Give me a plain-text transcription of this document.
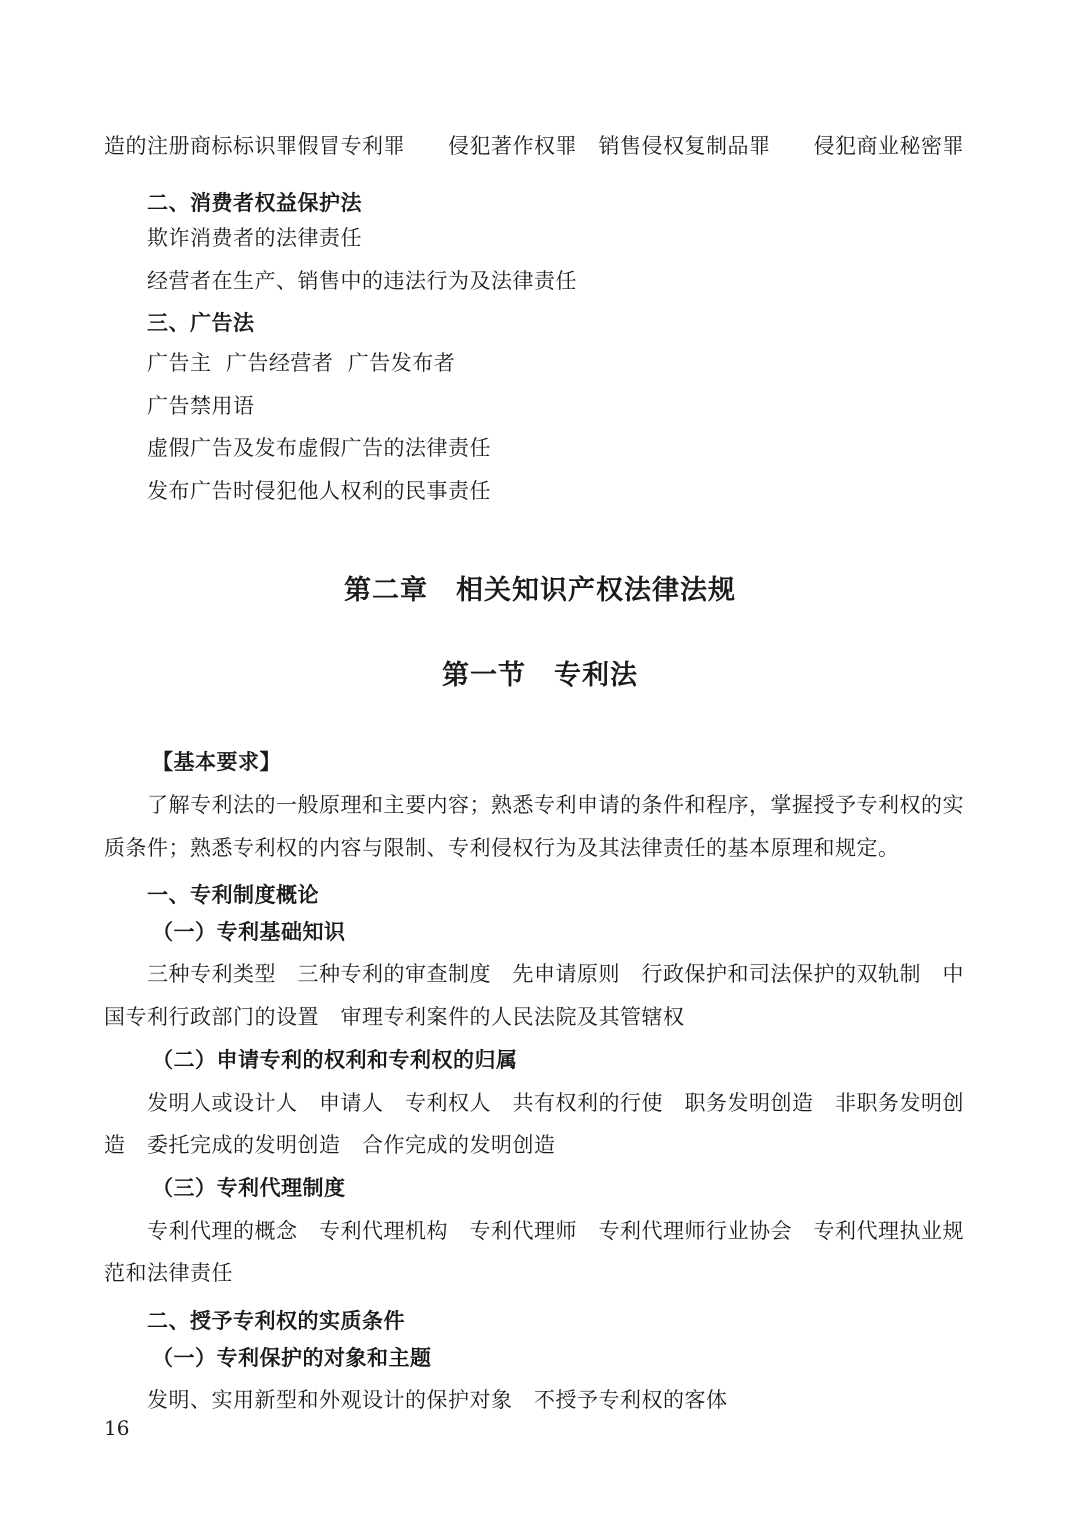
造的注册商标标识罪假冒专利罪　　侵犯著作权罪　销售侵权复制品罪　　侵犯商业秘密罪

二、消费者权益保护法

欺诈消费者的法律责任

经营者在生产、销售中的违法行为及法律责任

三、广告法

广告主  广告经营者  广告发布者

广告禁用语

虚假广告及发布虚假广告的法律责任

发布广告时侵犯他人权利的民事责任

【基本要求】

了解专利法的一般原理和主要内容；熟悉专利申请的条件和程序，掌握授予专利权的实

质条件；熟悉专利权的内容与限制、专利侵权行为及其法律责任的基本原理和规定。

一、专利制度概论

（一）专利基础知识

三种专利类型　三种专利的审查制度　先申请原则　行政保护和司法保护的双轨制　中

国专利行政部门的设置　审理专利案件的人民法院及其管辖权

（二）申请专利的权利和专利权的归属

发明人或设计人　申请人　专利权人　共有权利的行使　职务发明创造　非职务发明创

造　委托完成的发明创造　合作完成的发明创造

（三）专利代理制度

专利代理的概念　专利代理机构　专利代理师　专利代理师行业协会　专利代理执业规

范和法律责任

二、授予专利权的实质条件

（一）专利保护的对象和主题

发明、实用新型和外观设计的保护对象　不授予专利权的客体

第二章　相关知识产权法律法规
第一节　专利法

16
